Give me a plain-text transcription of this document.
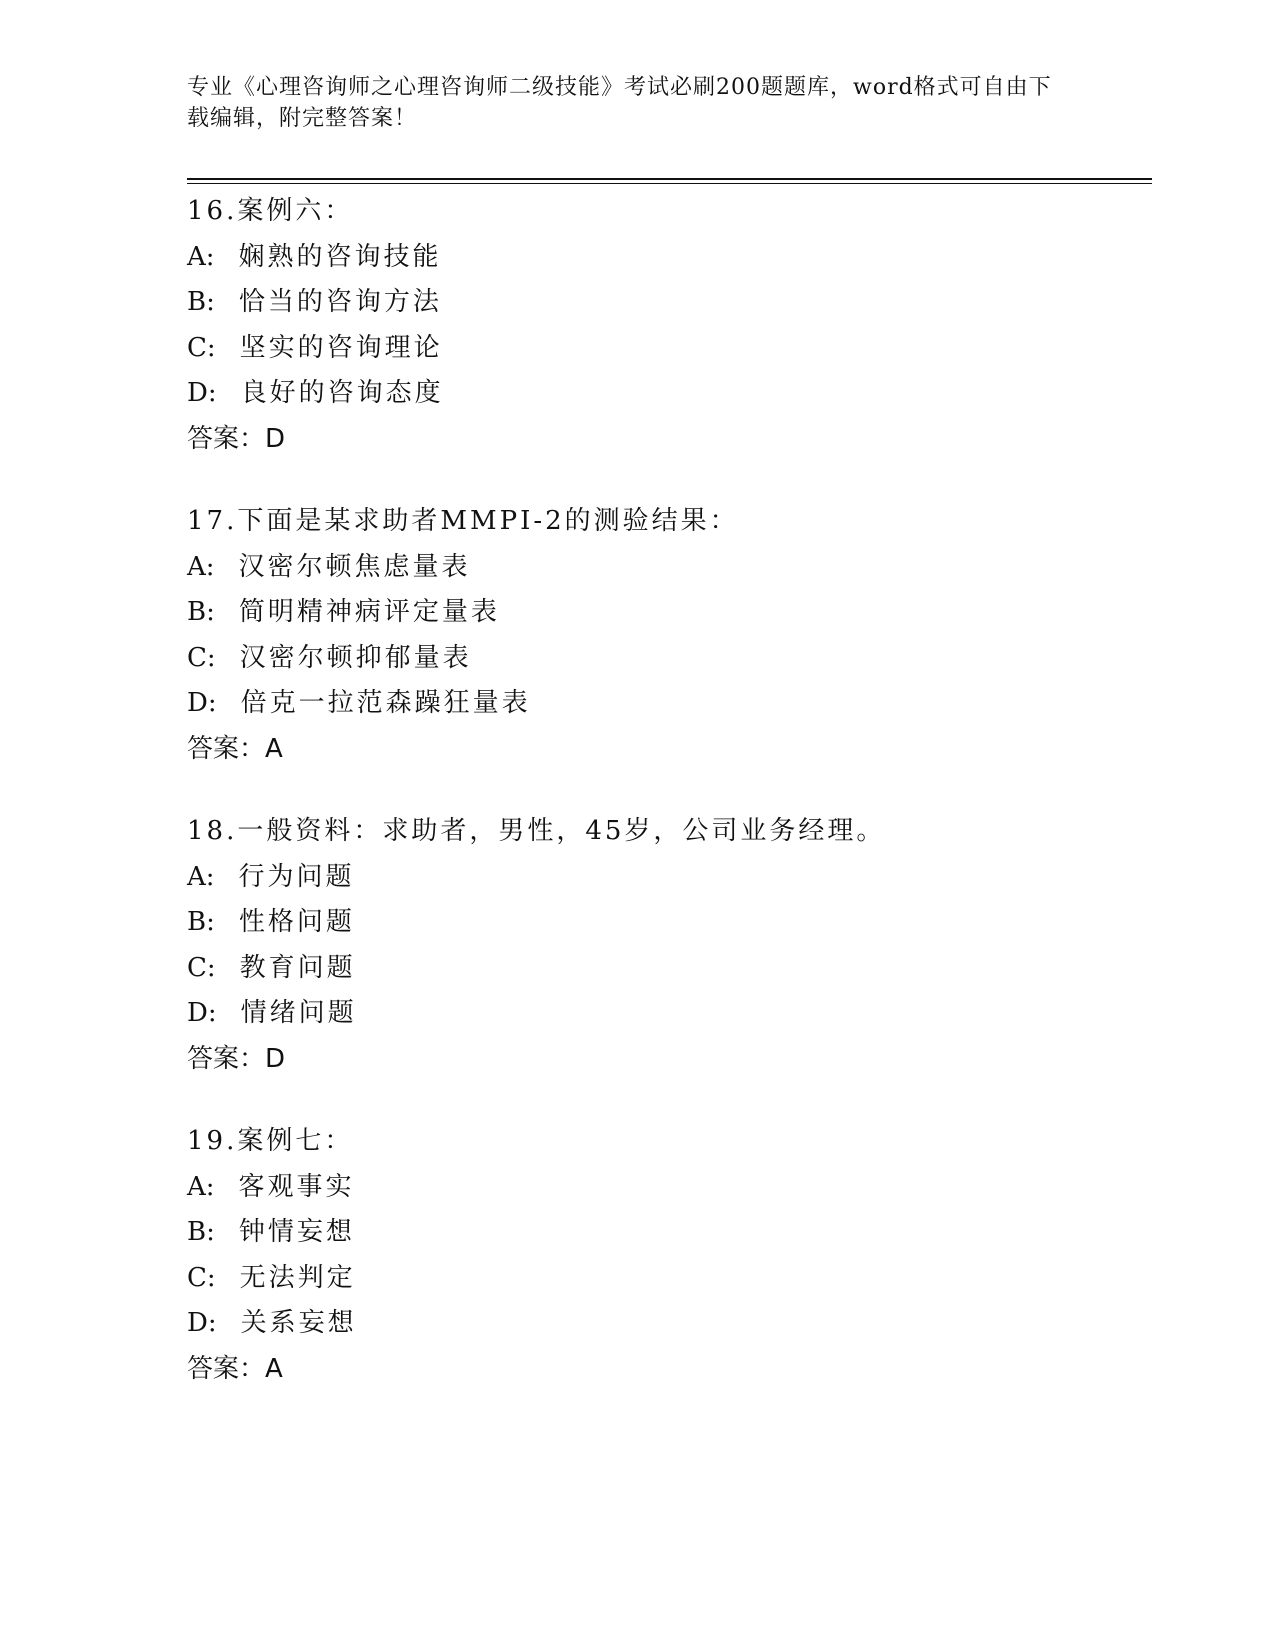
专业《心理咨询师之心理咨询师二级技能》考试必刷200题题库，word格式可自由下载编辑，附完整答案！
16.案例六：
A: 娴熟的咨询技能
B: 恰当的咨询方法
C: 坚实的咨询理论
D: 良好的咨询态度
答案：D
17.下面是某求助者MMPI-2的测验结果：
A: 汉密尔顿焦虑量表
B: 简明精神病评定量表
C: 汉密尔顿抑郁量表
D: 倍克一拉范森躁狂量表
答案：A
18.一般资料：求助者，男性，45岁，公司业务经理。
A: 行为问题
B: 性格问题
C: 教育问题
D: 情绪问题
答案：D
19.案例七：
A: 客观事实
B: 钟情妄想
C: 无法判定
D: 关系妄想
答案：A
